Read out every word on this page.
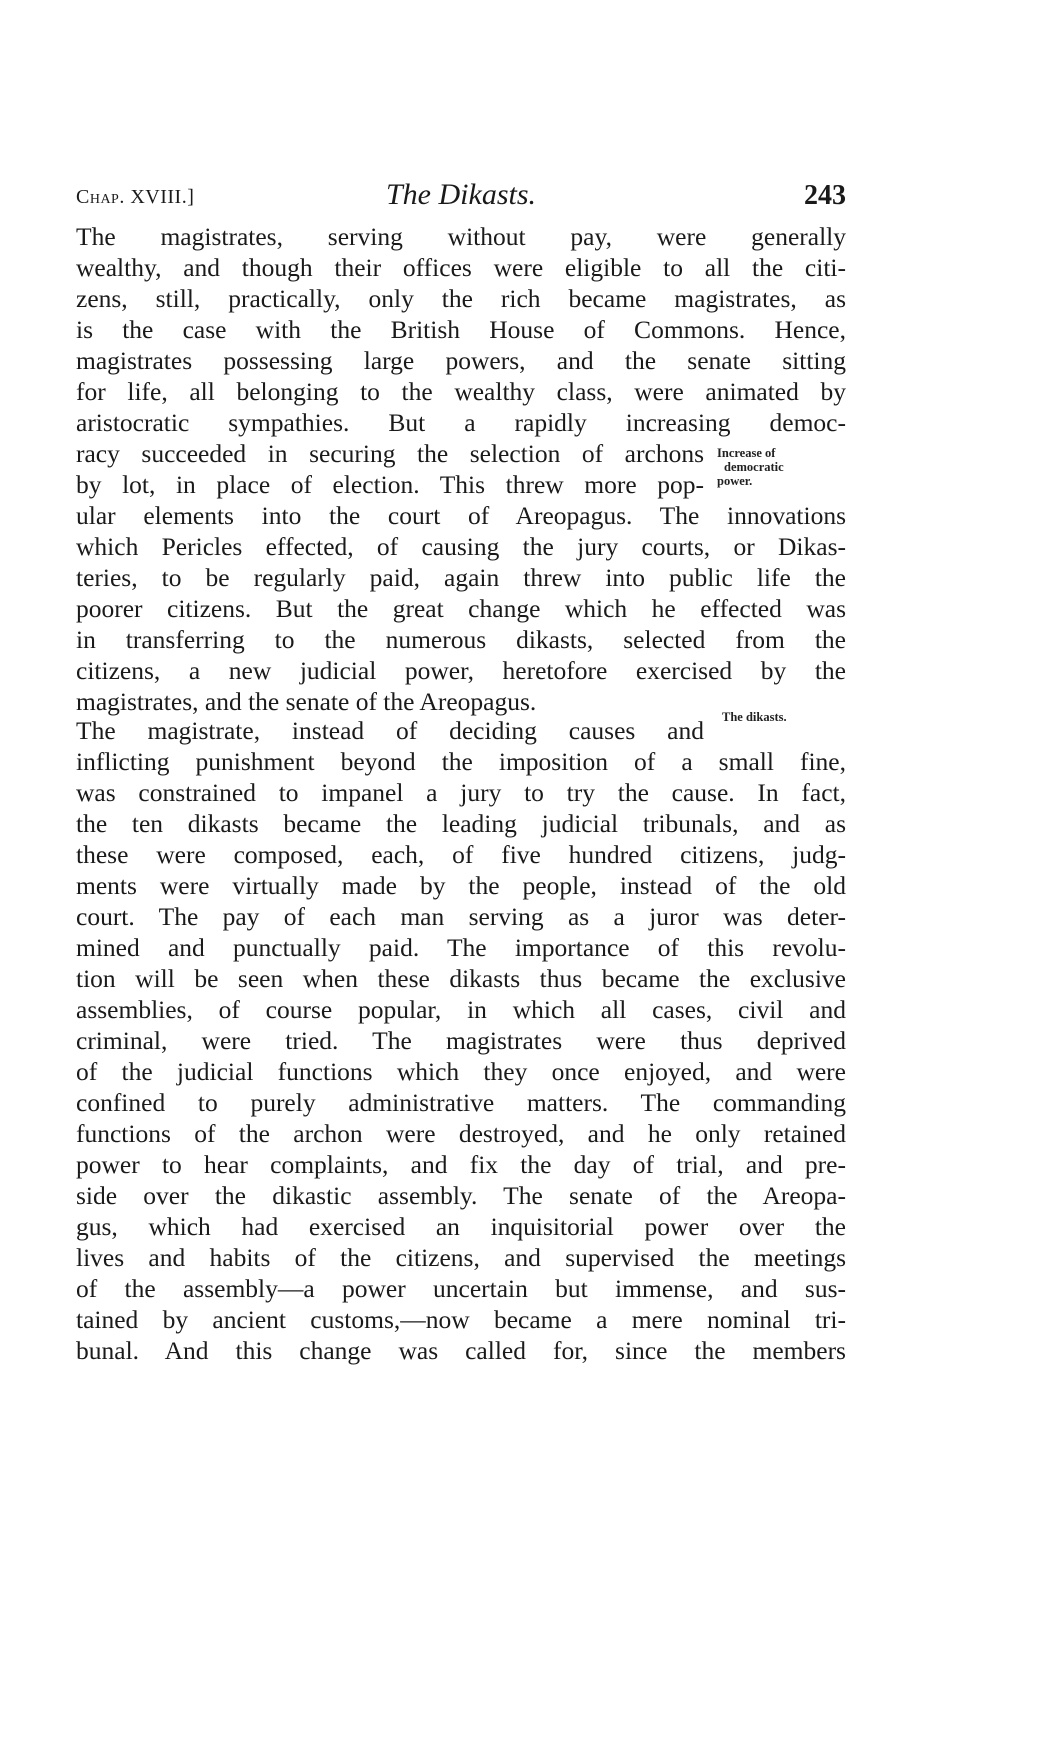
Chap. XVIII.]	The Dikasts.	243
The magistrates, serving without pay, were generally
wealthy, and though their offices were eligible to all the citi-
zens, still, practically, only the rich became magistrates, as
is the case with the British House of Commons. Hence,
magistrates possessing large powers, and the senate sitting
for life, all belonging to the wealthy class, were animated by
aristocratic sympathies. But a rapidly increasing democ-
racy succeeded in securing the selection of archons
by lot, in place of election. This threw more pop-
ular elements into the court of Areopagus. The innovations
which Pericles effected, of causing the jury courts, or Dikas-
teries, to be regularly paid, again threw into public life the
poorer citizens. But the great change which he effected was
in transferring to the numerous dikasts, selected from the
citizens, a new judicial power, heretofore exercised by the
magistrates, and the senate of the Areopagus.
The magistrate, instead of deciding causes and
inflicting punishment beyond the imposition of a small fine,
was constrained to impanel a jury to try the cause. In fact,
the ten dikasts became the leading judicial tribunals, and as
these were composed, each, of five hundred citizens, judg-
ments were virtually made by the people, instead of the old
court. The pay of each man serving as a juror was deter-
mined and punctually paid. The importance of this revolu-
tion will be seen when these dikasts thus became the exclusive
assemblies, of course popular, in which all cases, civil and
criminal, were tried. The magistrates were thus deprived
of the judicial functions which they once enjoyed, and were
confined to purely administrative matters. The commanding
functions of the archon were destroyed, and he only retained
power to hear complaints, and fix the day of trial, and pre-
side over the dikastic assembly. The senate of the Areopa-
gus, which had exercised an inquisitorial power over the
lives and habits of the citizens, and supervised the meetings
of the assembly—a power uncertain but immense, and sus-
tained by ancient customs,—now became a mere nominal tri-
bunal. And this change was called for, since the members
Increase of
democratic
power.
The dikasts.
